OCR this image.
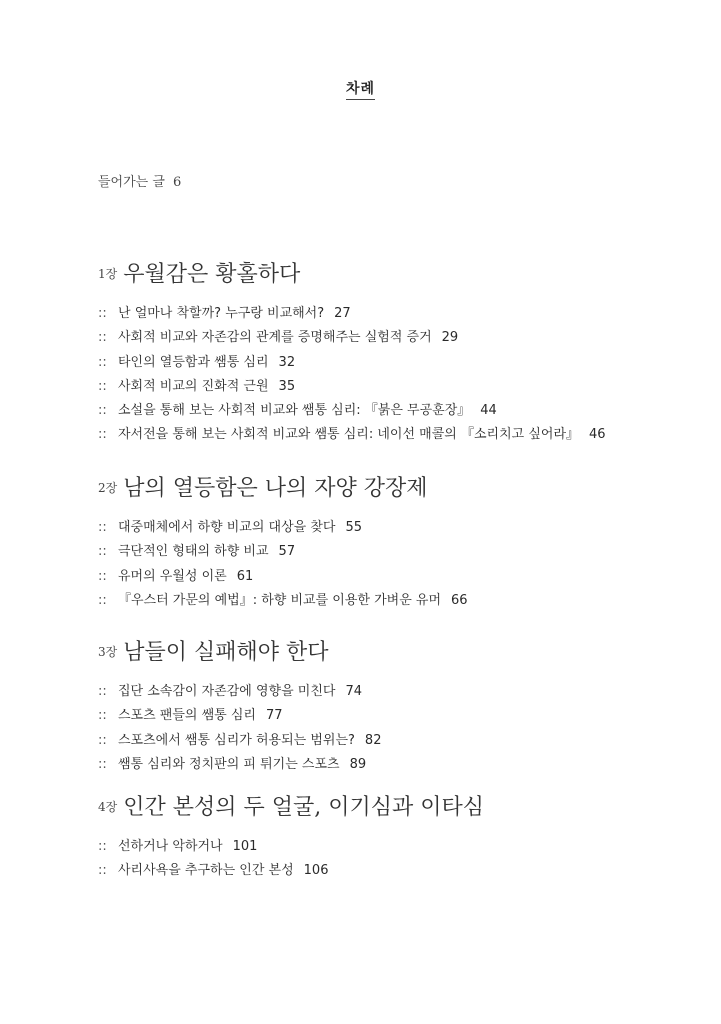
차례
들어가는 글 6
1장 우월감은 황홀하다
:: 난 얼마나 착할까? 누구랑 비교해서? 27
:: 사회적 비교와 자존감의 관계를 증명해주는 실험적 증거 29
:: 타인의 열등함과 쌤통 심리 32
:: 사회적 비교의 진화적 근원 35
:: 소설을 통해 보는 사회적 비교와 쌤통 심리: 『붉은 무공훈장』 44
:: 자서전을 통해 보는 사회적 비교와 쌤통 심리: 네이선 매콜의 『소리치고 싶어라』 46
2장 남의 열등함은 나의 자양 강장제
:: 대중매체에서 하향 비교의 대상을 찾다 55
:: 극단적인 형태의 하향 비교 57
:: 유머의 우월성 이론 61
:: 『우스터 가문의 예법』: 하향 비교를 이용한 가벼운 유머 66
3장 남들이 실패해야 한다
:: 집단 소속감이 자존감에 영향을 미친다 74
:: 스포츠 팬들의 쌤통 심리 77
:: 스포츠에서 쌤통 심리가 허용되는 범위는? 82
:: 쌤통 심리와 정치판의 피 튀기는 스포츠 89
4장 인간 본성의 두 얼굴, 이기심과 이타심
:: 선하거나 악하거나 101
:: 사리사욕을 추구하는 인간 본성 106
